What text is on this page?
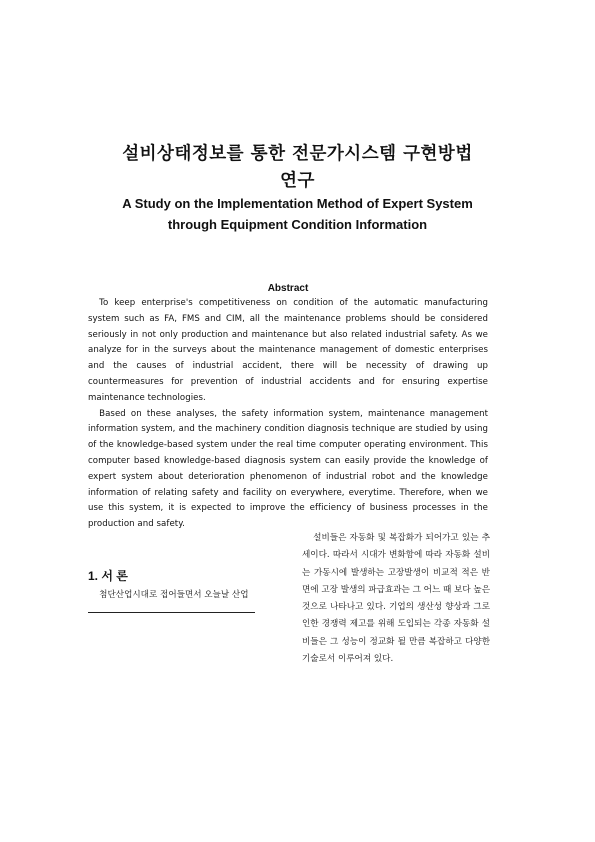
설비상태정보를 통한 전문가시스템 구현방법
연구
A Study on the Implementation Method of Expert System
through Equipment Condition Information
Abstract

To keep enterprise's competitiveness on condition of the automatic manufacturing system such as FA, FMS and CIM, all the maintenance problems should be considered seriously in not only production and maintenance but also related industrial safety. As we analyze for in the surveys about the maintenance management of domestic enterprises and the causes of industrial accident, there will be necessity of drawing up countermeasures for prevention of industrial accidents and for ensuring expertise maintenance technologies.

Based on these analyses, the safety information system, maintenance management information system, and the machinery condition diagnosis technique are studied by using of the knowledge-based system under the real time computer operating environment. This computer based knowledge-based diagnosis system can easily provide the knowledge of expert system about deterioration phenomenon of industrial robot and the knowledge information of relating safety and facility on everywhere, everytime. Therefore, when we use this system, it is expected to improve the efficiency of business processes in the production and safety.

1. 서 론

첨단산업시대로 접어들면서 오늘날 산업

설비들은 자동화 및 복잡화가 되어가고 있는 추세이다. 따라서 시대가 변화함에 따라 자동화 설비는 가동시에 발생하는 고장발생이 비교적 적은 반면에 고장 발생의 파급효과는 그 어느 때 보다 높은 것으로 나타나고 있다. 기업의 생산성 향상과 그로 인한 경쟁력 제고를 위해 도입되는 각종 자동화 설비들은 그 성능이 정교화 될 만큼 복잡하고 다양한 기술로서 이루어져 있다.
